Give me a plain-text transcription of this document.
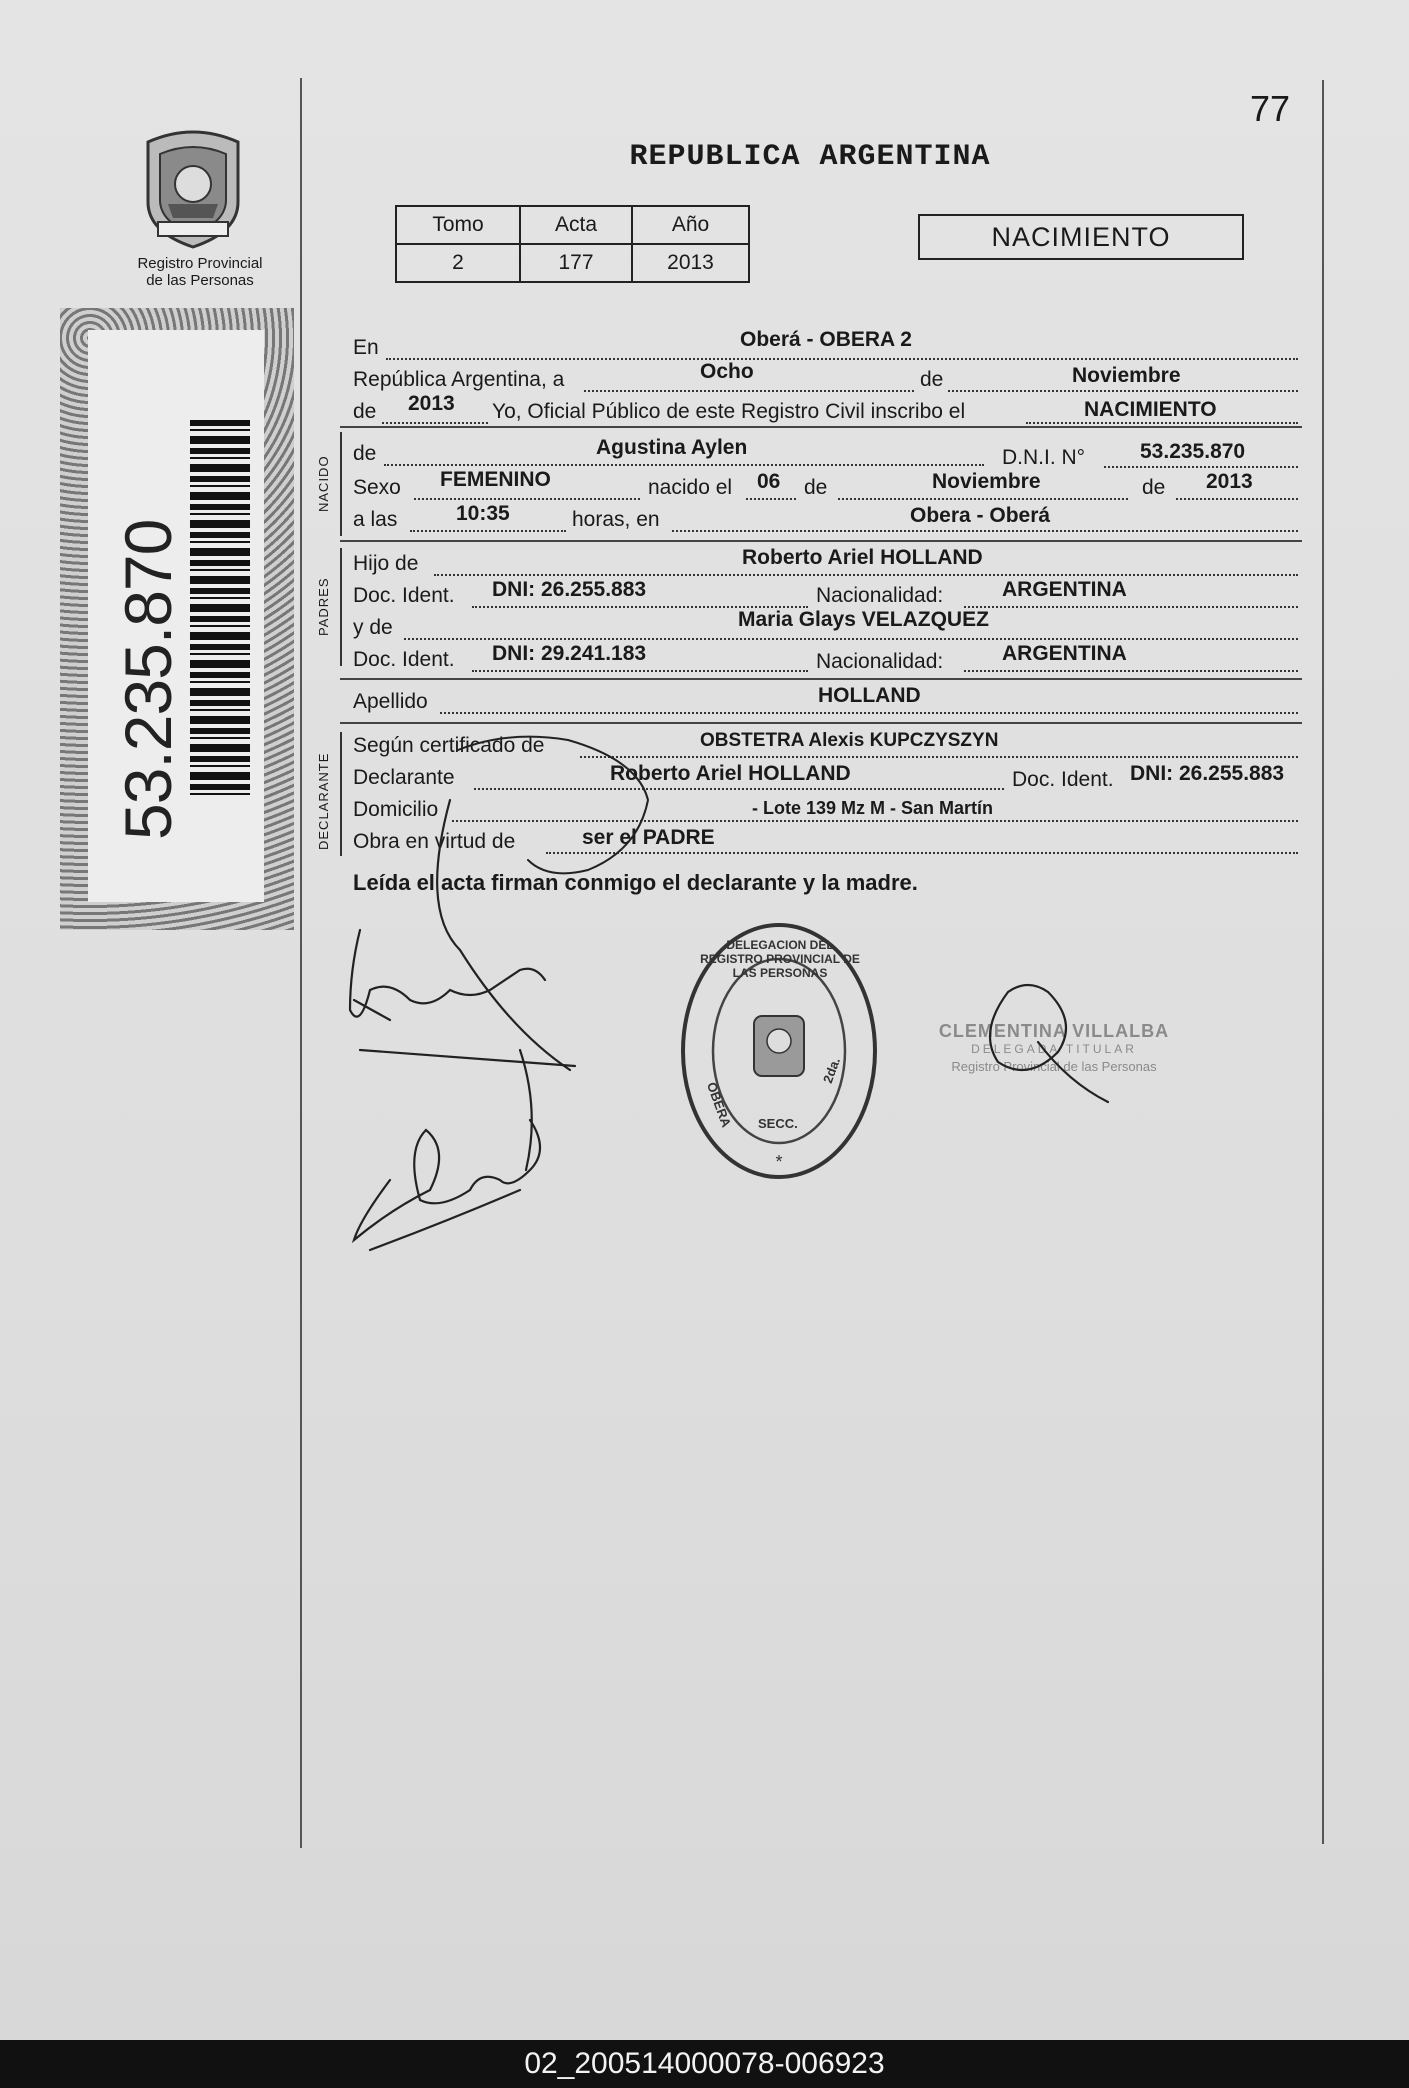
77
REPUBLICA ARGENTINA
Tomo	Acta	Año
2	177	2013
NACIMIENTO
Registro Provincial
de las Personas
53.235.870
NACIDO
PADRES
DECLARANTE
En	Oberá - OBERA 2
República Argentina, a	Ocho	de	Noviembre
de 2013 Yo, Oficial Público de este Registro Civil inscribo el	NACIMIENTO
de	Agustina Aylen	D.N.I. N°	53.235.870
Sexo FEMENINO	nacido el 06 de	Noviembre	de 2013
a las	10:35	horas, en	Obera - Oberá
Hijo de	Roberto Ariel HOLLAND
Doc. Ident. DNI: 26.255.883	Nacionalidad:	ARGENTINA
y de	Maria Glays VELAZQUEZ
Doc. Ident. DNI: 29.241.183	Nacionalidad:	ARGENTINA
Apellido	HOLLAND
Según certificado de	OBSTETRA Alexis KUPCZYSZYN
Declarante	Roberto Ariel HOLLAND	Doc. Ident. DNI: 26.255.883
Domicilio	- Lote 139 Mz M - San Martín
Obra en virtud de	ser el PADRE
Leída el acta firman conmigo el declarante y la madre.
*
DELEGACION DEL REGISTRO PROVINCIAL DE LAS PERSONAS
OBERA
2da.
SECC.
CLEMENTINA VILLALBA
DELEGADA TITULAR
Registro Provincial de las Personas
02_200514000078-006923
